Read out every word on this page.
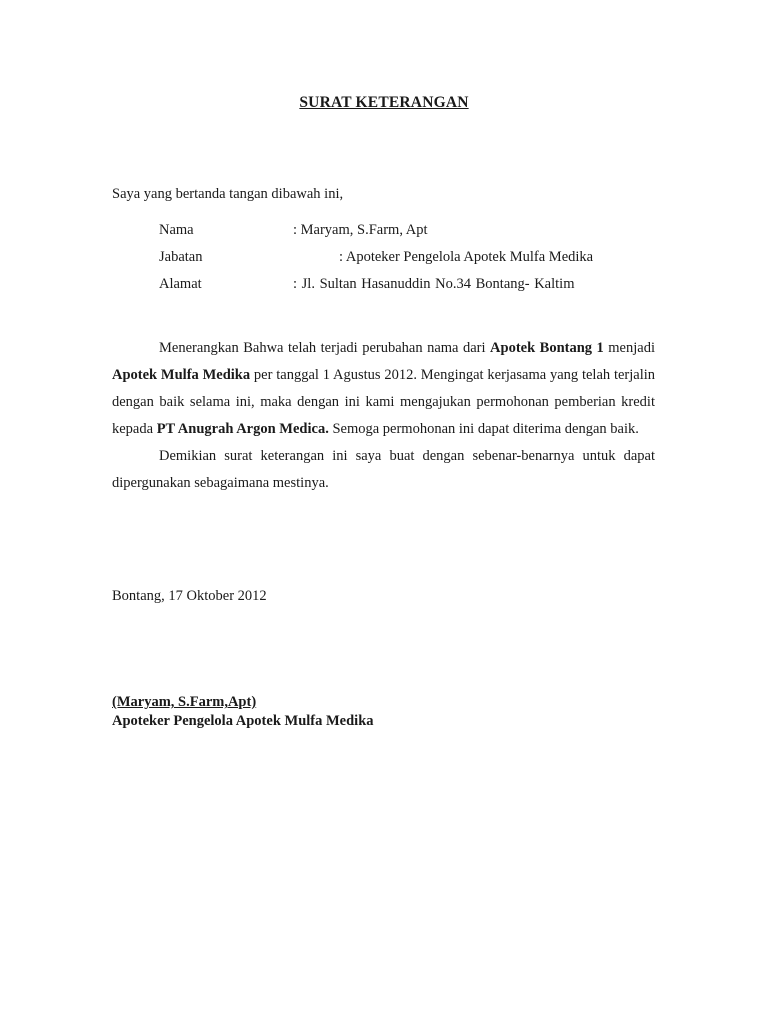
SURAT KETERANGAN
Saya yang bertanda tangan dibawah ini,
Nama	: Maryam, S.Farm, Apt
Jabatan	: Apoteker Pengelola Apotek Mulfa Medika
Alamat	: Jl. Sultan Hasanuddin No.34 Bontang- Kaltim

Menerangkan Bahwa telah terjadi perubahan nama dari Apotek Bontang 1 menjadi Apotek Mulfa Medika per tanggal 1 Agustus 2012. Mengingat kerjasama yang telah terjalin dengan baik selama ini, maka dengan ini kami mengajukan permohonan pemberian kredit kepada PT Anugrah Argon Medica. Semoga permohonan ini dapat diterima dengan baik.

Demikian surat keterangan ini saya buat dengan sebenar-benarnya untuk dapat dipergunakan sebagaimana mestinya.

Bontang, 17 Oktober 2012
(Maryam, S.Farm,Apt)
Apoteker Pengelola Apotek Mulfa Medika
